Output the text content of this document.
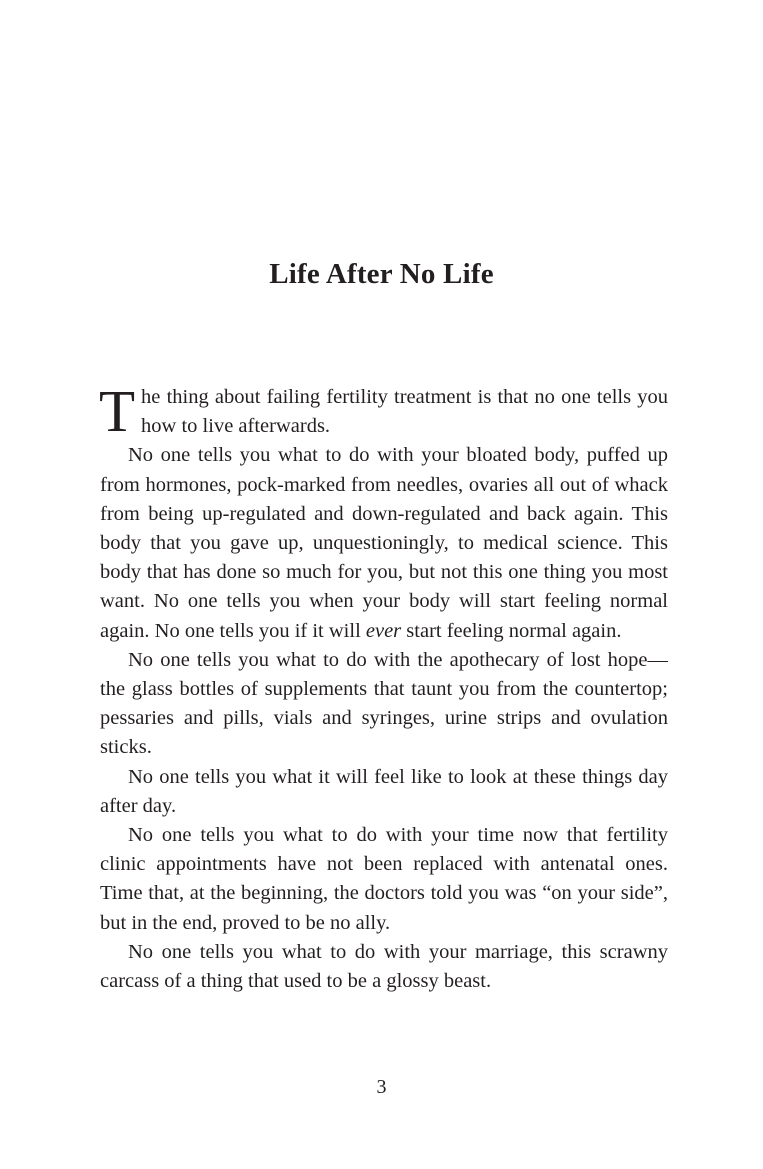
Life After No Life

The thing about failing fertility treatment is that no one tells you how to live afterwards.

No one tells you what to do with your bloated body, puffed up from hormones, pock-marked from needles, ovaries all out of whack from being up-regulated and down-regulated and back again. This body that you gave up, unquestioningly, to medical science. This body that has done so much for you, but not this one thing you most want. No one tells you when your body will start feeling normal again. No one tells you if it will ever start feeling normal again.

No one tells you what to do with the apothecary of lost hope—the glass bottles of supplements that taunt you from the countertop; pessaries and pills, vials and syringes, urine strips and ovulation sticks.

No one tells you what it will feel like to look at these things day after day.

No one tells you what to do with your time now that fertility clinic appointments have not been replaced with antenatal ones. Time that, at the beginning, the doctors told you was “on your side”, but in the end, proved to be no ally.

No one tells you what to do with your marriage, this scrawny carcass of a thing that used to be a glossy beast.

3
